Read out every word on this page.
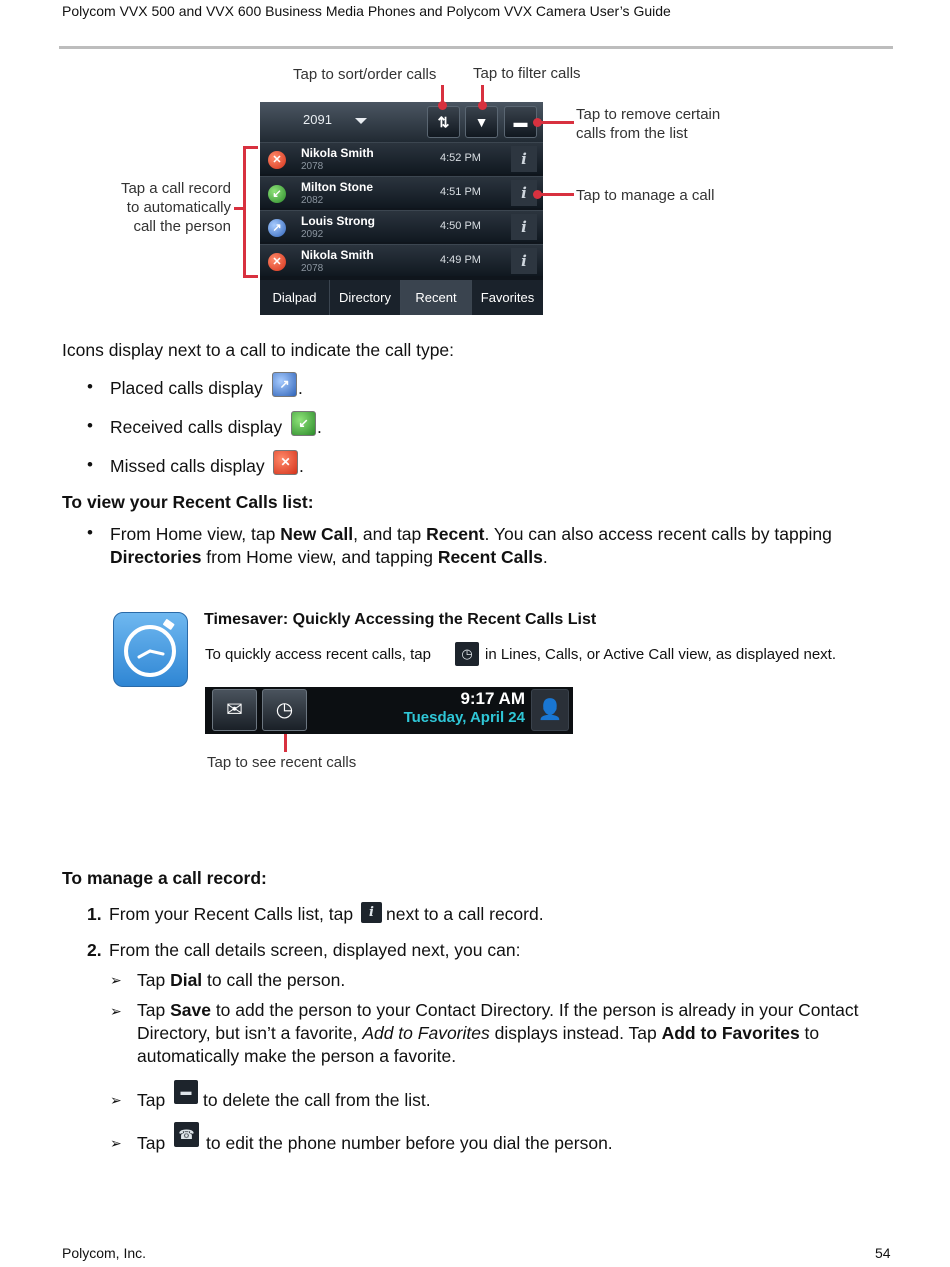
Polycom VVX 500 and VVX 600 Business Media Phones and Polycom VVX Camera User’s Guide
2091	⇅	▼	▬
✕	Nikola Smith
2078
4:52 PM	i
↙	Milton Stone
2082
4:51 PM	i
↗	Louis Strong
2092
4:50 PM	i
✕	Nikola Smith
2078
4:49 PM	i
Dialpad	Directory	Recent	Favorites
Tap to sort/order calls Tap to filter calls
Tap to remove certain
calls from the list
Tap to manage a call
Tap a call record
to automatically
call the person
Icons display next to a call to indicate the call type:
• Placed calls display	↗ .
• Received calls display	↙ .
• Missed calls display	✕ .
To view your Recent Calls list:
• From Home view, tap New Call, and tap Recent. You can also access recent calls by tapping
Directories from Home view, and tapping Recent Calls.
Timesaver: Quickly Accessing the Recent Calls List
To quickly access recent calls, tap	◷ in Lines, Calls, or Active Call view, as displayed next.
✉	◷
9:17 AM
Tuesday, April 24 👤
Tap to see recent calls
To manage a call record:
1. From your Recent Calls list, tap	i next to a call record.
2. From the call details screen, displayed next, you can:
➢ Tap Dial to call the person.
➢ Tap Save to add the person to your Contact Directory. If the person is already in your Contact
Directory, but isn’t a favorite, Add to Favorites displays instead. Tap Add to Favorites to
automatically make the person a favorite.
➢ Tap	▬ to delete the call from the list.
➢ Tap	☎ to edit the phone number before you dial the person.
Polycom, Inc.	54
